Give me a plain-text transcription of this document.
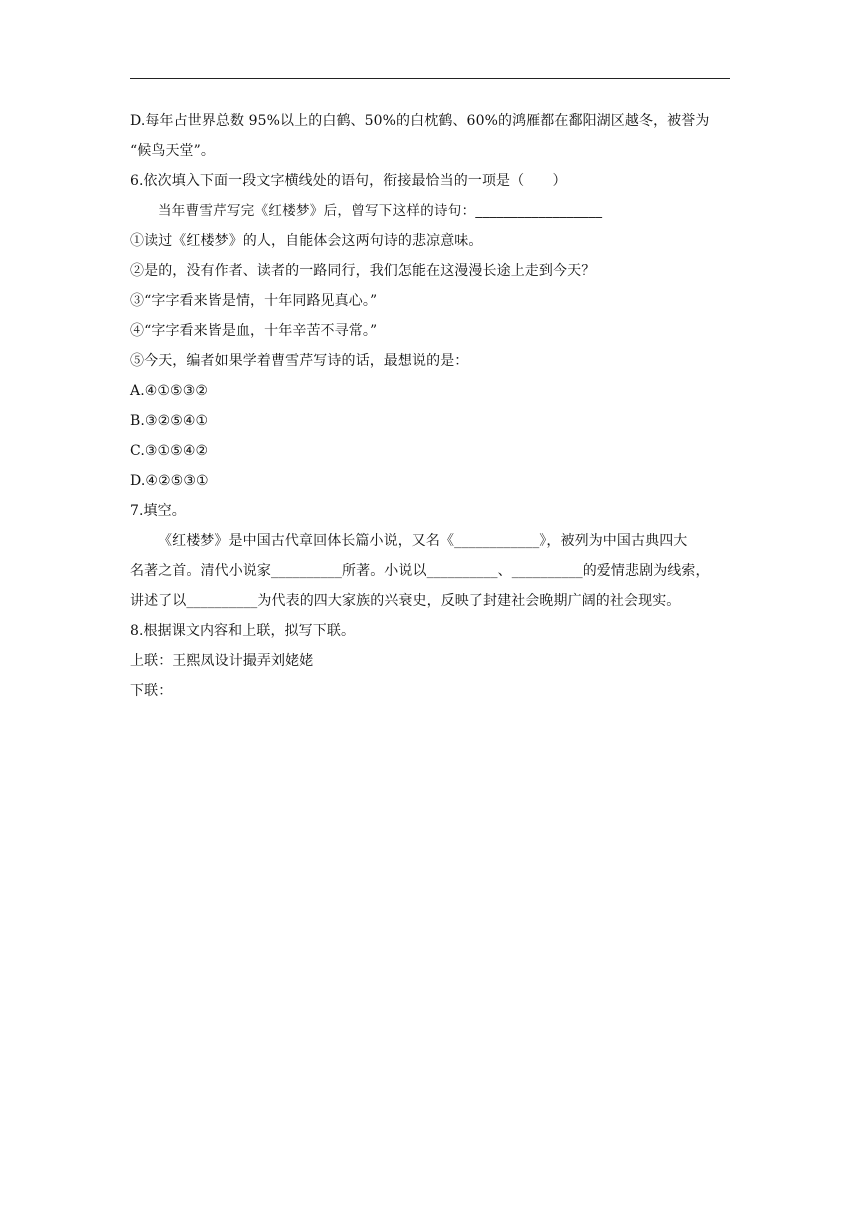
D.每年占世界总数 95%以上的白鹤、50%的白枕鹤、60%的鸿雁都在鄱阳湖区越冬，被誉为
“候鸟天堂”。
6.依次填入下面一段文字横线处的语句，衔接最恰当的一项是（　　）
当年曹雪芹写完《红楼梦》后，曾写下这样的诗句：__________________
①读过《红楼梦》的人，自能体会这两句诗的悲凉意味。
②是的，没有作者、读者的一路同行，我们怎能在这漫漫长途上走到今天？
③“字字看来皆是情，十年同路见真心。”
④“字字看来皆是血，十年辛苦不寻常。”
⑤今天，编者如果学着曹雪芹写诗的话，最想说的是：
A.④①⑤③②
B.③②⑤④①
C.③①⑤④②
D.④②⑤③①
7.填空。
《红楼梦》是中国古代章回体长篇小说，又名《____________》，被列为中国古典四大
名著之首。清代小说家__________所著。小说以__________、__________的爱情悲剧为线索，
讲述了以__________为代表的四大家族的兴衰史，反映了封建社会晚期广阔的社会现实。
8.根据课文内容和上联，拟写下联。
上联：王熙凤设计撮弄刘姥姥
下联：
